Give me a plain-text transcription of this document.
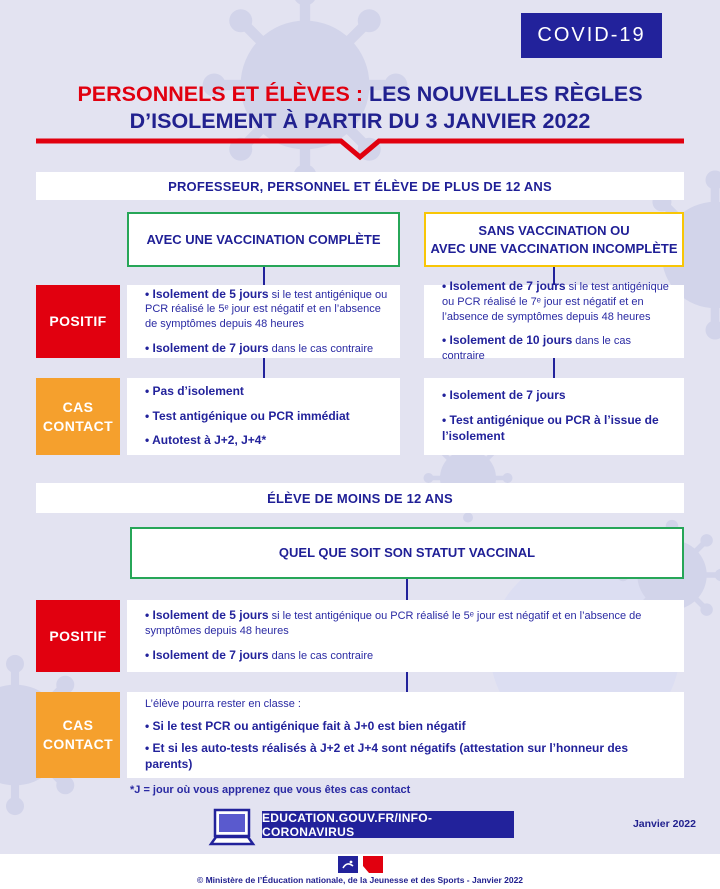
COVID-19
PERSONNELS ET ÉLÈVES : LES NOUVELLES RÈGLES
D’ISOLEMENT À PARTIR DU 3 JANVIER 2022
PROFESSEUR, PERSONNEL ET ÉLÈVE DE PLUS DE 12 ANS
AVEC UNE VACCINATION COMPLÈTE
SANS VACCINATION OU
AVEC UNE VACCINATION INCOMPLÈTE
POSITIF
• Isolement de 5 jours si le test antigénique ou PCR réalisé le 5ᵉ jour est négatif et en l’absence de symptômes depuis 48 heures
• Isolement de 7 jours dans le cas contraire
• Isolement de 7 jours si le test antigénique ou PCR réalisé le 7ᵉ jour est négatif et en l’absence de symptômes depuis 48 heures
• Isolement de 10 jours dans le cas contraire
CAS
CONTACT
• Pas d’isolement
• Test antigénique ou PCR immédiat
• Autotest à J+2, J+4*
• Isolement de 7 jours
• Test antigénique ou PCR à l’issue de l’isolement
ÉLÈVE DE MOINS DE 12 ANS
QUEL QUE SOIT SON STATUT VACCINAL
POSITIF
• Isolement de 5 jours si le test antigénique ou PCR réalisé le 5ᵉ jour est négatif et en l’absence de symptômes depuis 48 heures
• Isolement de 7 jours dans le cas contraire
CAS
CONTACT
L’élève pourra rester en classe :
• Si le test PCR ou antigénique fait à J+0 est bien négatif
• Et si les auto-tests réalisés à J+2 et J+4 sont négatifs (attestation sur l’honneur des parents)
*J = jour où vous apprenez que vous êtes cas contact
EDUCATION.GOUV.FR/INFO-CORONAVIRUS
Janvier 2022
© Ministère de l’Éducation nationale, de la Jeunesse et des Sports - Janvier 2022
